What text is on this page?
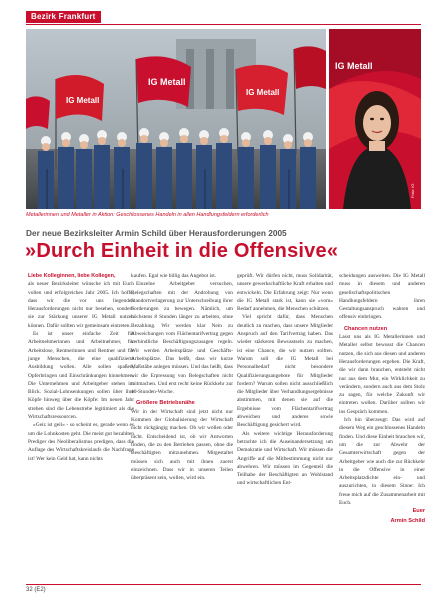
Bezirk Frankfurt
IG Metall
IG Metall
IG Metall
IG Metall
Foto: IG
Metallerinnen und Metaller in Aktion: Geschlossenes Handeln in allen Handlungsfeldern erforderlich
Der neue Bezirksleiter Armin Schild über Herausforderungen 2005
»Durch Einheit in die Offensive«

Liebe Kolleginnen, liebe Kollegen,

als neuer Bezirksleiter wünsche ich mit Euch vollen und erfolgreiches Jahr 2005. Ich hoffe, dass wir die vor uns liegenden Herausforderungen nicht nur besehen, sondern sie zur Stärkung unserer IG Metall nutzen können. Dafür sollten wir gemeinsam eintreten.

Es ist unser einfache Zeit für Arbeitnehmerinnen und Arbeitnehmer, für Arbeitslose, Rentnerinnen und Rentner und für junge Menschen, die eine qualifizierte Ausbildung wollen. Alle sollen spaßen, Opferbringen und Einschränkungen hinnehmen. Die Unternehmen und Arbeitgeber stehen im Blick. Sozial-Lohnsenkungen sollen über ihre Köpfe hinweg über die Köpfe: Im neuen Jahr streben sind die Lebenstrebe legitimiert als die Wirtschaftsressourcen.

»Geiz ist geil« - so scheint es, gerade wenn es um die Lohnkosten geht. Die meist gut bezahlten Prediger des Neoliberalismus predigen, dass die Auflage des Wirtschaftskreislaufs die Nachfrage ist! Wer kein Geld hat, kann nichts

kaufen. Egal wie billig das Angebot ist.

Einzelne Arbeitgeber versuchen, Belegschaften mit der Androhung von Standortverlagerung zur Unterschreibung ihrer Forderungen zu bewegen. Nämlich, um höchstens 8 Stunden länger zu arbeiten, ohne Bezahlung. Wir werden klar Nein zu Abweichungen vom Flächentarifvertrag gegen verbindliche Beschäftigungszusagen regeln. Wir werden Arbeitsplätze und Geschäfts-Arbeitsplätze. Das heißt, dass wir kurze Maßstäbe anlegen müssen. Und das heißt, dass wir die Erpressung von Belegschaften nicht mitmachen. Und erst recht keine Rückkehr zur 40-Stunden-Woche.

Größere Betriebsnähe

Wir in der Wirtschaft sind jetzt nicht nur Kommen der Globalisierung der Wirtschaft nicht rückgängig machen. Ob wir wollen oder nicht. Entscheidend ist, ob wir Antworten finden, die zu den Betrieben passen, ohne die Beschäftigten mitzunehmen. Mitgestaltet müssen sich auch mit ihnen zuerst einzeichnen. Dass wir in unseren Teilen überpräsent sein, wollen, wird ein.

geprüft. Wir dürfen nicht, muss Solidarität, unsere gewerkschaftliche Kraft erhalten und entwickeln. Die Erfahrung zeigt: Nur wenn die IG Metall stark ist, kann sie »vom« Bedarf annehmen, die Menschen schützen.

Viel spricht dafür, dass Menschen deutlich zu machen, dass unsere Mitglieder Anspruch auf den Tarifvertrag haben. Das wieder stärkeren Bewusstsein zu machen, ist eine Chance, die wir nutzen sollten. Warum soll die IG Metall bei Personalbedarf nicht besondere Qualifizierungsangebote für Mitglieder fordern? Warum sollen nicht ausschließlich die Mitglieder über Verhandlungsergebnisse abstimmen, mit denen sie auf die Ergebnisse vom Flächentarifvertrag abweichen und anderes sowie Beschäftigung gesichert wird.

Als weitere wichtige Herausforderung betrachte ich die Auseinandersetzung um Demokratie und Wirtschaft. Wir müssen die Angriffe auf die Mitbestimmung nicht nur abwehren. Wir müssen im Gegenteil die Teilhabe der Beschäftigten an Wohlstand und wirtschaftlichen Ent-

scheidungen ausweiten. Die IG Metall muss in diesem und anderen gesellschaftspolitischen Handlungsfeldern ihren Gestaltungsanspruch wahren und offensiv einbringen.

Chancen nutzen

Lasst uns als IG Metallerinnen und Metaller selbst bewusst die Chancen nutzen, die sich aus diesen und anderen Herausforderungen ergeben. Die Kraft, die wir dann brauchen, entsteht nicht nur aus dem Mut, ein Wirklichkeit zu verändern, sondern auch aus dem Stolz zu sagen, für welche Zukunft wir eintreten wollen. Darüber sollten wir ins Gespräch kommen.

Ich bin überzeugt: Das wird auf diesem Weg ein geschlossenes Handeln finden. Und diese Einheit brauchen wir, um die zur Abwehr der Gesamterwirtschaft gegen der Arbeitgeber wie auch die zur Rückkehr in die Offensive in einer Arbeitsplatzdichte ein- und auszurichten, in diesem Sinne: Ich freue mich auf die Zusammenarbeit mit Euch.

Euer

Armin Schild

32 (E2)
